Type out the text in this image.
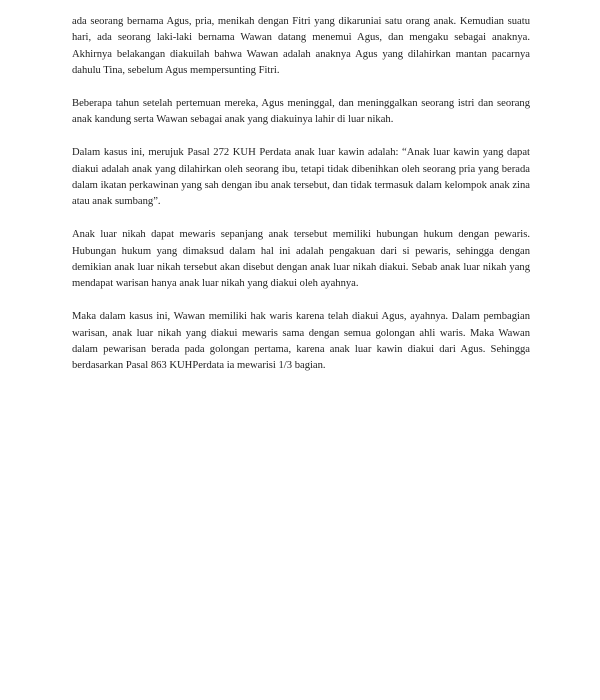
ada seorang bernama Agus, pria, menikah dengan Fitri yang dikaruniai satu orang anak. Kemudian suatu hari, ada seorang laki-laki bernama Wawan datang menemui Agus, dan mengaku sebagai anaknya. Akhirnya belakangan diakuilah bahwa Wawan adalah anaknya Agus yang dilahirkan mantan pacarnya dahulu Tina, sebelum Agus mempersunting Fitri.

Beberapa tahun setelah pertemuan mereka, Agus meninggal, dan meninggalkan seorang istri dan seorang anak kandung serta Wawan sebagai anak yang diakuinya lahir di luar nikah.

Dalam kasus ini, merujuk Pasal 272 KUH Perdata anak luar kawin adalah: “Anak luar kawin yang dapat diakui adalah anak yang dilahirkan oleh seorang ibu, tetapi tidak dibenihkan oleh seorang pria yang berada dalam ikatan perkawinan yang sah dengan ibu anak tersebut, dan tidak termasuk dalam kelompok anak zina atau anak sumbang”.

Anak luar nikah dapat mewaris sepanjang anak tersebut memiliki hubungan hukum dengan pewaris. Hubungan hukum yang dimaksud dalam hal ini adalah pengakuan dari si pewaris, sehingga dengan demikian anak luar nikah tersebut akan disebut dengan anak luar nikah diakui. Sebab anak luar nikah yang mendapat warisan hanya anak luar nikah yang diakui oleh ayahnya.

Maka dalam kasus ini, Wawan memiliki hak waris karena telah diakui Agus, ayahnya. Dalam pembagian warisan, anak luar nikah yang diakui mewaris sama dengan semua golongan ahli waris. Maka Wawan dalam pewarisan berada pada golongan pertama, karena anak luar kawin diakui dari Agus. Sehingga berdasarkan Pasal 863 KUHPerdata ia mewarisi 1/3 bagian.
